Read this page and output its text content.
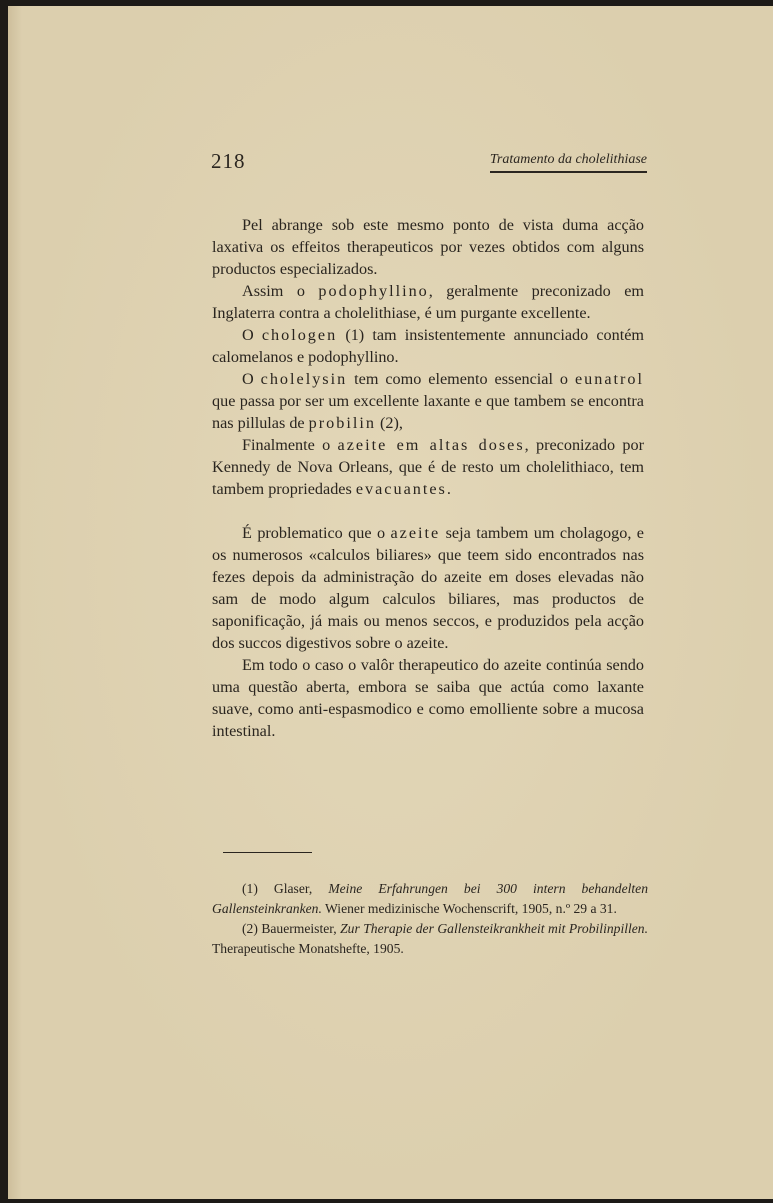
218	Tratamento da cholelithiase

Pel abrange sob este mesmo ponto de vista duma acção laxativa os effeitos therapeuticos por vezes obtidos com alguns productos especializados.

Assim o podophyllino, geralmente preconizado em Inglaterra contra a cholelithiase, é um purgante excellente.

O chologen (1) tam insistentemente annunciado contém calomelanos e podophyllino.

O cholelysin tem como elemento essencial o eunatrol que passa por ser um excellente laxante e que tambem se encontra nas pillulas de probilin (2),

Finalmente o azeite em altas doses, preconizado por Kennedy de Nova Orleans, que é de resto um cholelithiaco, tem tambem propriedades evacuantes.

É problematico que o azeite seja tambem um cholagogo, e os numerosos «calculos biliares» que teem sido encontrados nas fezes depois da administração do azeite em doses elevadas não sam de modo algum calculos biliares, mas productos de saponificação, já mais ou menos seccos, e produzidos pela acção dos succos digestivos sobre o azeite.

Em todo o caso o valôr therapeutico do azeite continúa sendo uma questão aberta, embora se saiba que actúa como laxante suave, como anti-espasmodico e como emolliente sobre a mucosa intestinal.

(1) Glaser, Meine Erfahrungen bei 300 intern behandelten Gallensteinkranken. Wiener medizinische Wochenscrift, 1905, n.º 29 a 31.

(2) Bauermeister, Zur Therapie der Gallensteikrankheit mit Probilinpillen. Therapeutische Monatshefte, 1905.
